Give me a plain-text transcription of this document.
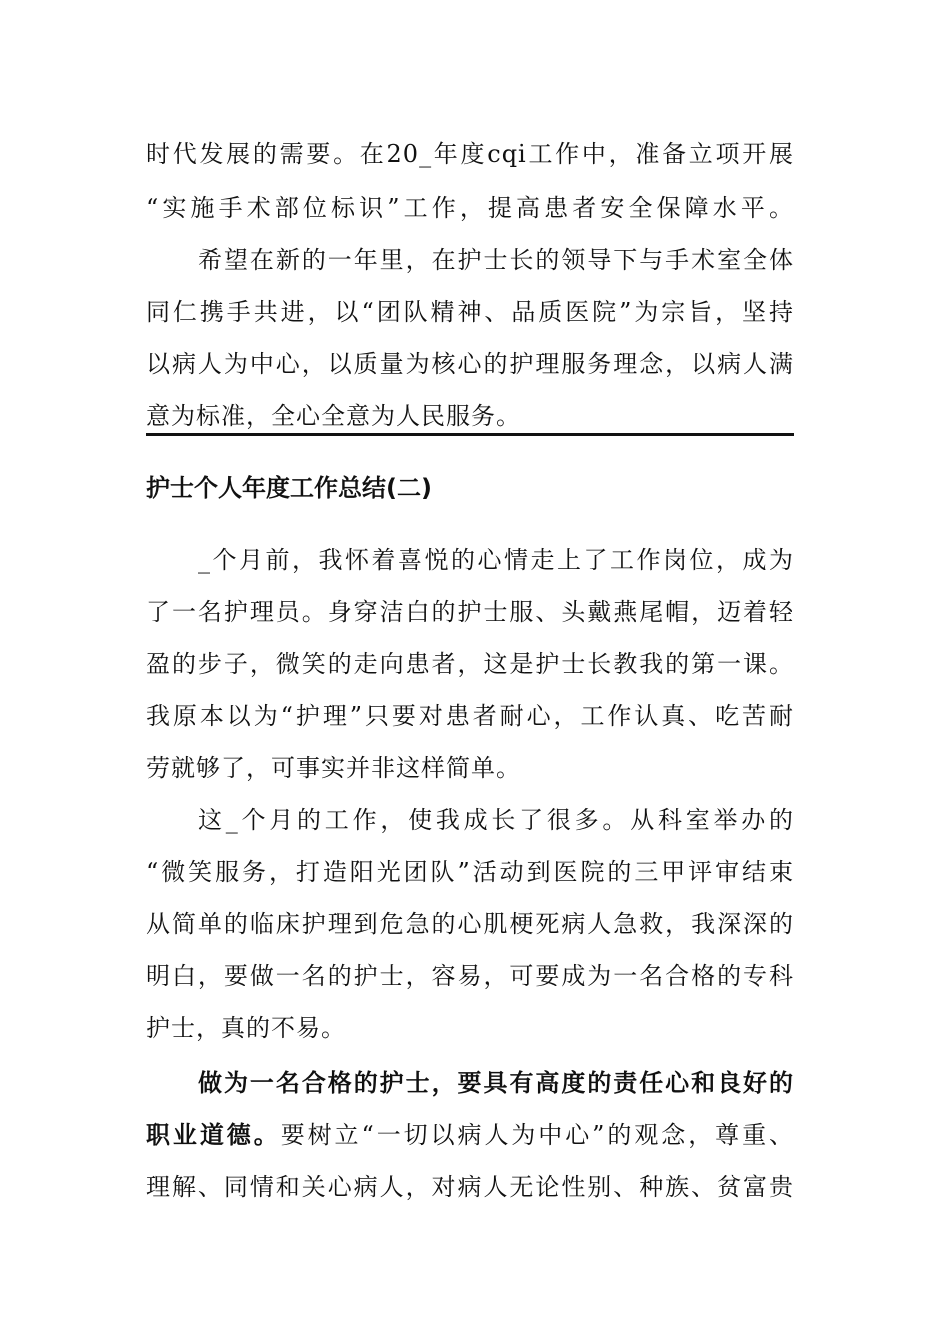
时代发展的需要。在20_年度cqi工作中，准备立项开展
“实施手术部位标识”工作，提高患者安全保障水平。
希望在新的一年里，在护士长的领导下与手术室全体
同仁携手共进，以“团队精神、品质医院”为宗旨，坚持
以病人为中心，以质量为核心的护理服务理念，以病人满
意为标准，全心全意为人民服务。
护士个人年度工作总结(二)
_个月前，我怀着喜悦的心情走上了工作岗位，成为
了一名护理员。身穿洁白的护士服、头戴燕尾帽，迈着轻
盈的步子，微笑的走向患者，这是护士长教我的第一课。
我原本以为“护理”只要对患者耐心，工作认真、吃苦耐
劳就够了，可事实并非这样简单。
这_个月的工作，使我成长了很多。从科室举办的
“微笑服务，打造阳光团队”活动到医院的三甲评审结束
从简单的临床护理到危急的心肌梗死病人急救，我深深的
明白，要做一名的护士，容易，可要成为一名合格的专科
护士，真的不易。
做为一名合格的护士，要具有高度的责任心和良好的
职业道德。要树立“一切以病人为中心”的观念，尊重、
理解、同情和关心病人，对病人无论性别、种族、贫富贵
